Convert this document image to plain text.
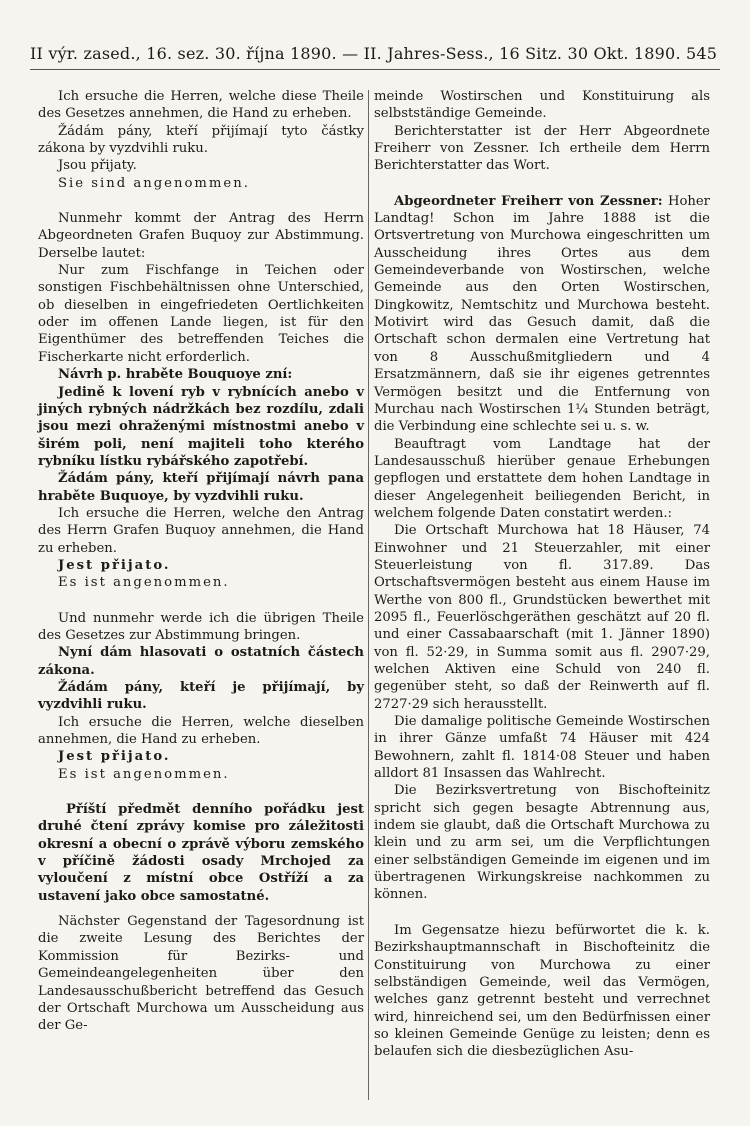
II výr. zased., 16. sez. 30. října 1890. — II. Jahres-Sess., 16 Sitz. 30 Okt. 1890. 545

Ich ersuche die Herren, welche diese Theile des Gesetzes annehmen, die Hand zu erheben.

Žádám pány, kteří přijímají tyto částky zákona by vyzdvihli ruku.

Jsou přijaty.

Sie sind angenommen.

Nunmehr kommt der Antrag des Herrn Abgeordneten Grafen Buquoy zur Abstimmung. Derselbe lautet:

Nur zum Fischfange in Teichen oder sonstigen Fischbehältnissen ohne Unterschied, ob dieselben in eingefriedeten Oertlichkeiten oder im offenen Lande liegen, ist für den Eigenthümer des betreffenden Teiches die Fischerkarte nicht erforderlich.

Návrh p. hraběte Bouquoye zní:

Jedině k lovení ryb v rybnících anebo v jiných rybných nádržkách bez rozdílu, zdali jsou mezi ohraženými místnostmi anebo v širém poli, není majiteli toho kterého rybníku lístku rybářského zapotřebí.

Žádám pány, kteří přijímají návrh pana hraběte Buquoye, by vyzdvihli ruku.

Ich ersuche die Herren, welche den Antrag des Herrn Grafen Buquoy annehmen, die Hand zu erheben.

Jest přijato.

Es ist angenommen.

Und nunmehr werde ich die übrigen Theile des Gesetzes zur Abstimmung bringen.

Nyní dám hlasovati o ostatních částech zákona.

Žádám pány, kteří je přijímají, by vyzdvihli ruku.

Ich ersuche die Herren, welche dieselben annehmen, die Hand zu erheben.

Jest přijato.

Es ist angenommen.

Příští předmět denního pořádku jest druhé čtení zprávy komise pro záležitosti okresní a obecní o zprávě výboru zemského v příčině žádosti osady Mrchojed za vyloučení z místní obce Ostříží a za ustavení jako obce samostatné.

Nächster Gegenstand der Tagesordnung ist die zweite Lesung des Berichtes der Kommission für Bezirks- und Gemeindeangelegenheiten über den Landesausschußbericht betreffend das Gesuch der Ortschaft Murchowa um Ausscheidung aus der Ge-

meinde Wostirschen und Konstituirung als selbstständige Gemeinde.

Berichterstatter ist der Herr Abgeordnete Freiherr von Zessner. Ich ertheile dem Herrn Berichterstatter das Wort.

Abgeordneter Freiherr von Zessner: Hoher Landtag! Schon im Jahre 1888 ist die Ortsvertretung von Murchowa eingeschritten um Ausscheidung ihres Ortes aus dem Gemeindeverbande von Wostirschen, welche Gemeinde aus den Orten Wostirschen, Dingkowitz, Nemtschitz und Murchowa besteht. Motivirt wird das Gesuch damit, daß die Ortschaft schon dermalen eine Vertretung hat von 8 Ausschußmitgliedern und 4 Ersatzmännern, daß sie ihr eigenes getrenntes Vermögen besitzt und die Entfernung von Murchau nach Wostirschen 1¼ Stunden beträgt, die Verbindung eine schlechte sei u. s. w.

Beauftragt vom Landtage hat der Landesausschuß hierüber genaue Erhebungen gepflogen und erstattete dem hohen Landtage in dieser Angelegenheit beiliegenden Bericht, in welchem folgende Daten constatirt werden.:

Die Ortschaft Murchowa hat 18 Häuser, 74 Einwohner und 21 Steuerzahler, mit einer Steuerleistung von fl. 317.89. Das Ortschaftsvermögen besteht aus einem Hause im Werthe von 800 fl., Grundstücken bewerthet mit 2095 fl., Feuerlöschgeräthen geschätzt auf 20 fl. und einer Cassabaarschaft (mit 1. Jänner 1890) von fl. 52·29, in Summa somit aus fl. 2907·29, welchen Aktiven eine Schuld von 240 fl. gegenüber steht, so daß der Reinwerth auf fl. 2727·29 sich herausstellt.

Die damalige politische Gemeinde Wostirschen in ihrer Gänze umfaßt 74 Häuser mit 424 Bewohnern, zahlt fl. 1814·08 Steuer und haben alldort 81 Insassen das Wahlrecht.

Die Bezirksvertretung von Bischofteinitz spricht sich gegen besagte Abtrennung aus, indem sie glaubt, daß die Ortschaft Murchowa zu klein und zu arm sei, um die Verpflichtungen einer selbständigen Gemeinde im eigenen und im übertragenen Wirkungskreise nachkommen zu können.

Im Gegensatze hiezu befürwortet die k. k. Bezirkshauptmannschaft in Bischofteinitz die Constituirung von Murchowa zu einer selbständigen Gemeinde, weil das Vermögen, welches ganz getrennt besteht und verrechnet wird, hinreichend sei, um den Bedürfnissen einer so kleinen Gemeinde Genüge zu leisten; denn es belaufen sich die diesbezüglichen Asu-
